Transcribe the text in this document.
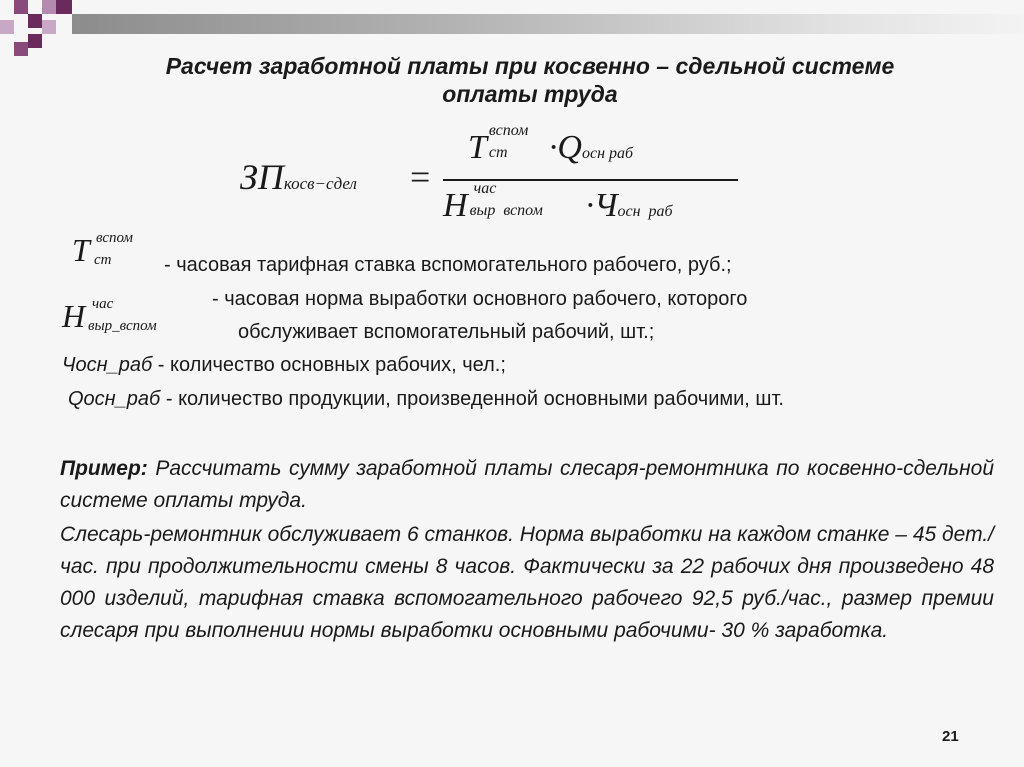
Расчет заработной платы при косвенно – сдельной системе
оплаты труда
ЗПкосв−сдел =
T вспом
ст ·Qосн раб
H час
выр  вспом ·Чосн  раб
T вспом
ст	- часовая тарифная ставка вспомогательного рабочего, руб.;
H час
выр_вспом
- часовая норма выработки основного рабочего, которого
обслуживает вспомогательный рабочий, шт.;
Чосн_раб - количество основных рабочих, чел.;
Qосн_раб - количество продукции, произведенной основными рабочими, шт.
Пример: Рассчитать сумму заработной платы слесаря-ремонтника по косвенно-сдельной системе оплаты труда.
Слесарь-ремонтник обслуживает 6 станков. Норма выработки на каждом станке – 45 дет./час. при продолжительности смены 8 часов. Фактически за 22 рабочих дня произведено 48 000 изделий, тарифная ставка вспомогательного рабочего 92,5 руб./час., размер премии слесаря при выполнении нормы выработки основными рабочими- 30 % заработка.
21
